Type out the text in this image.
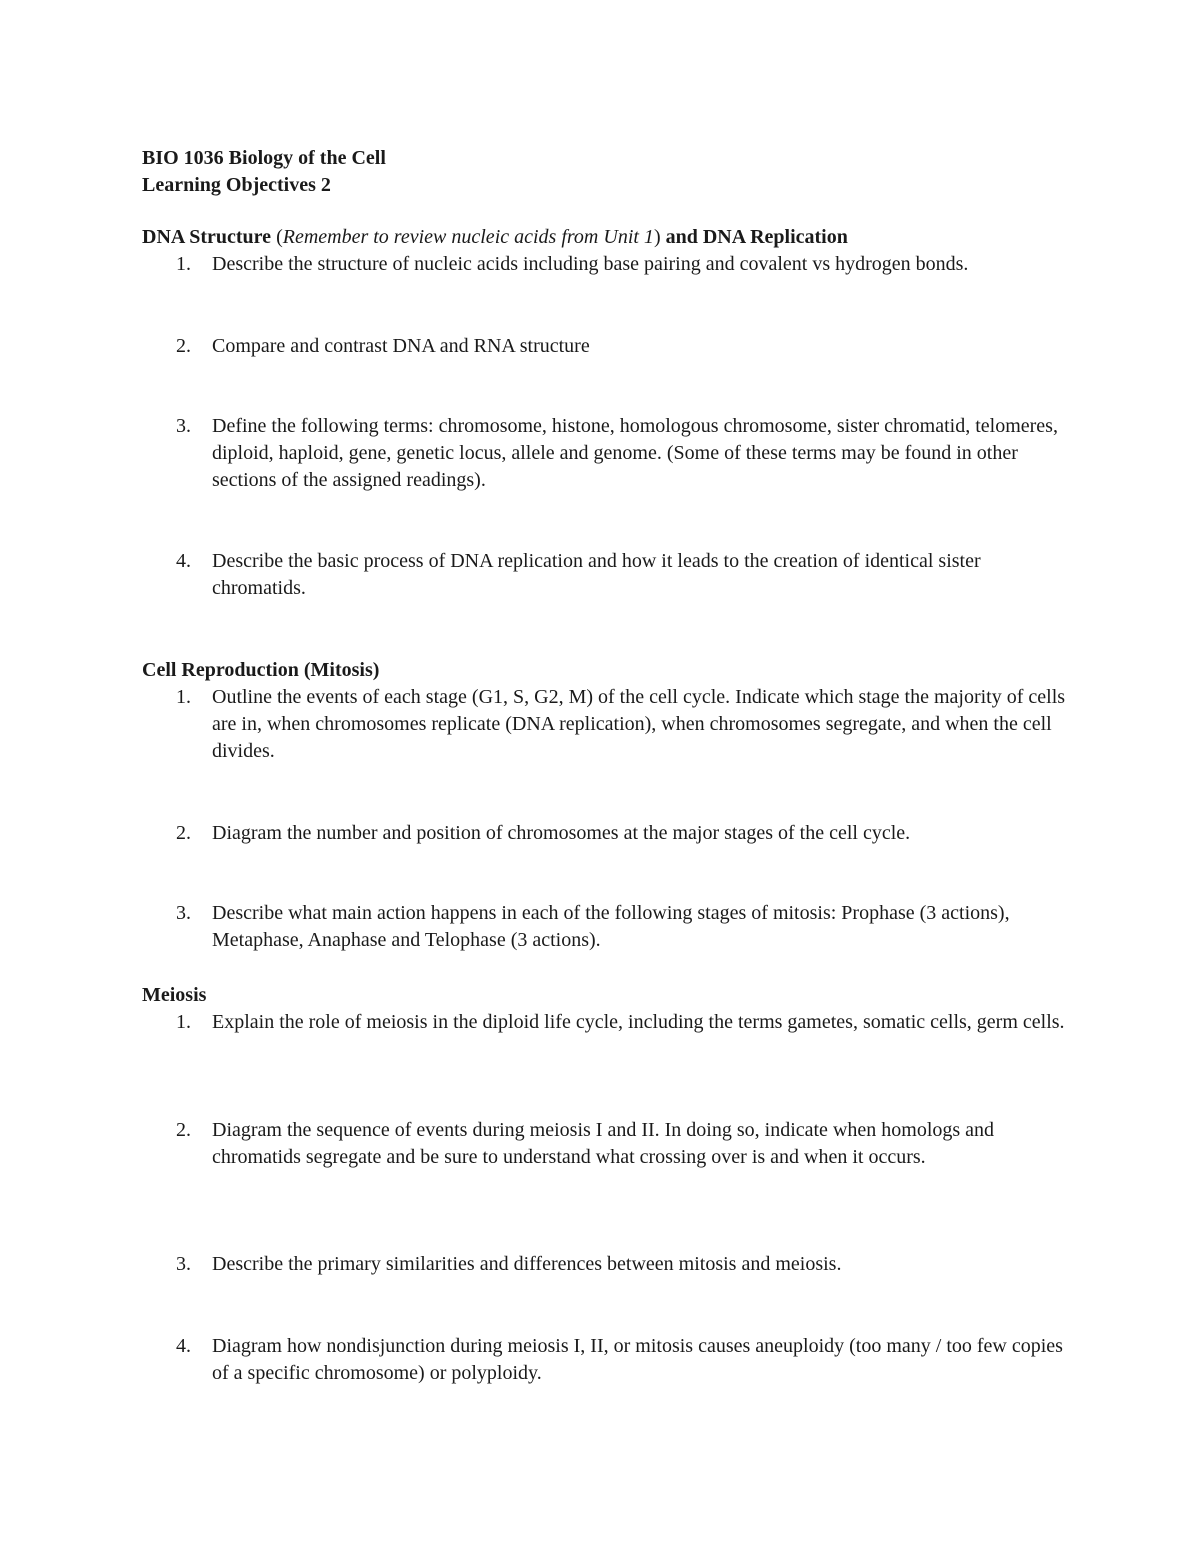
BIO 1036 Biology of the Cell
Learning Objectives 2
DNA Structure (Remember to review nucleic acids from Unit 1) and DNA Replication
1. Describe the structure of nucleic acids including base pairing and covalent vs hydrogen bonds.
2. Compare and contrast DNA and RNA structure
3. Define the following terms: chromosome, histone, homologous chromosome, sister chromatid, telomeres, diploid, haploid, gene, genetic locus, allele and genome. (Some of these terms may be found in other sections of the assigned readings).
4. Describe the basic process of DNA replication and how it leads to the creation of identical sister chromatids.
Cell Reproduction (Mitosis)
1. Outline the events of each stage (G1, S, G2, M) of the cell cycle. Indicate which stage the majority of cells are in, when chromosomes replicate (DNA replication), when chromosomes segregate, and when the cell divides.
2. Diagram the number and position of chromosomes at the major stages of the cell cycle.
3. Describe what main action happens in each of the following stages of mitosis: Prophase (3 actions), Metaphase, Anaphase and Telophase (3 actions).
Meiosis
1. Explain the role of meiosis in the diploid life cycle, including the terms gametes, somatic cells, germ cells.
2. Diagram the sequence of events during meiosis I and II. In doing so, indicate when homologs and chromatids segregate and be sure to understand what crossing over is and when it occurs.
3. Describe the primary similarities and differences between mitosis and meiosis.
4. Diagram how nondisjunction during meiosis I, II, or mitosis causes aneuploidy (too many / too few copies of a specific chromosome) or polyploidy.
